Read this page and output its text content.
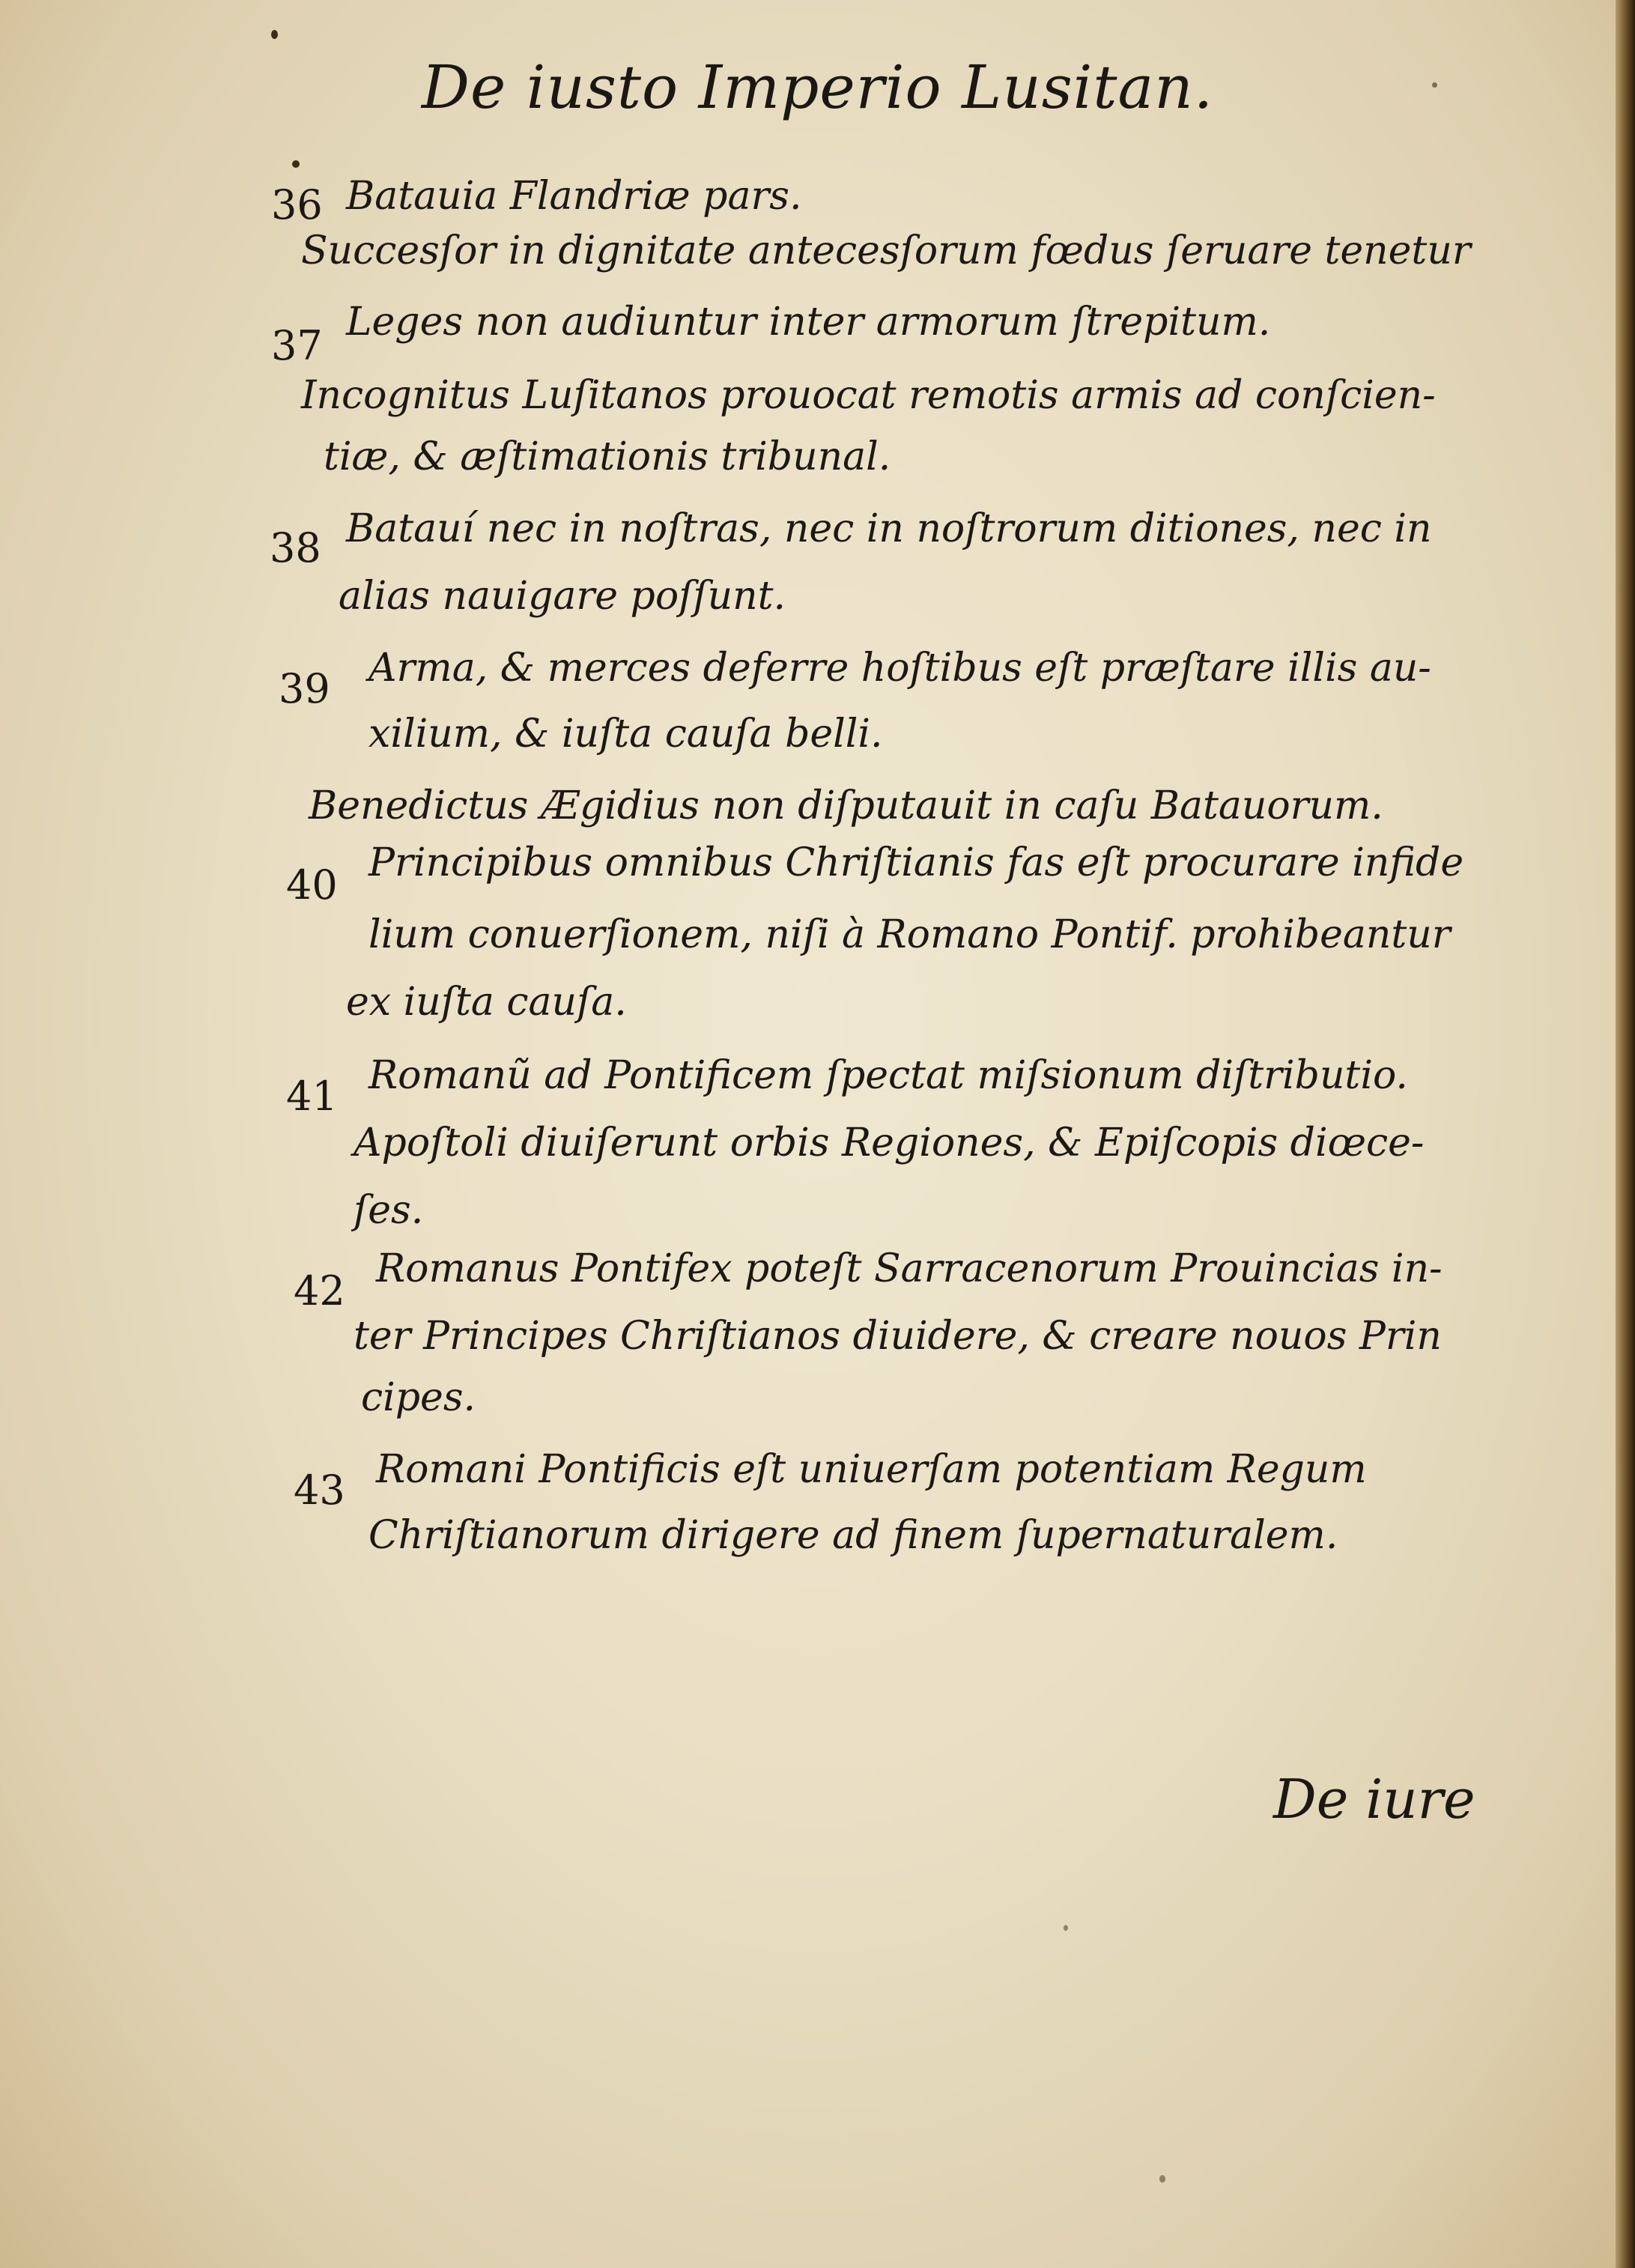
De iusto Imperio Lusitan.
36 Batauia Flandriæ pars.
Succesſor in dignitate antecesſorum fœdus ſeruare tenetur
37 Leges non audiuntur inter armorum ſtrepitum.
Incognitus Luſitanos prouocat remotis armis ad conſcien-
tiæ, & æſtimationis tribunal.
38 Batauí nec in noſtras, nec in noſtrorum ditiones, nec in
alias nauigare poſſunt.
39 Arma, & merces deferre hoſtibus eſt præſtare illis au-
xilium, & iuſta cauſa belli.
Benedictus Ægidius non diſputauit in caſu Batauorum.
40 Principibus omnibus Chriſtianis fas eſt procurare infide
lium conuerſionem, niſi à Romano Pontif. prohibeantur
ex iuſta cauſa.
41 Romanũ ad Pontificem ſpectat miſsionum diſtributio.
Apoſtoli diuiſerunt orbis Regiones, & Epiſcopis diœce-
ſes.
42 Romanus Pontifex poteſt Sarracenorum Prouincias in-
ter Principes Chriſtianos diuidere, & creare nouos Prin
cipes.
43 Romani Pontificis eſt uniuerſam potentiam Regum
Chriſtianorum dirigere ad finem ſupernaturalem.
De iure
